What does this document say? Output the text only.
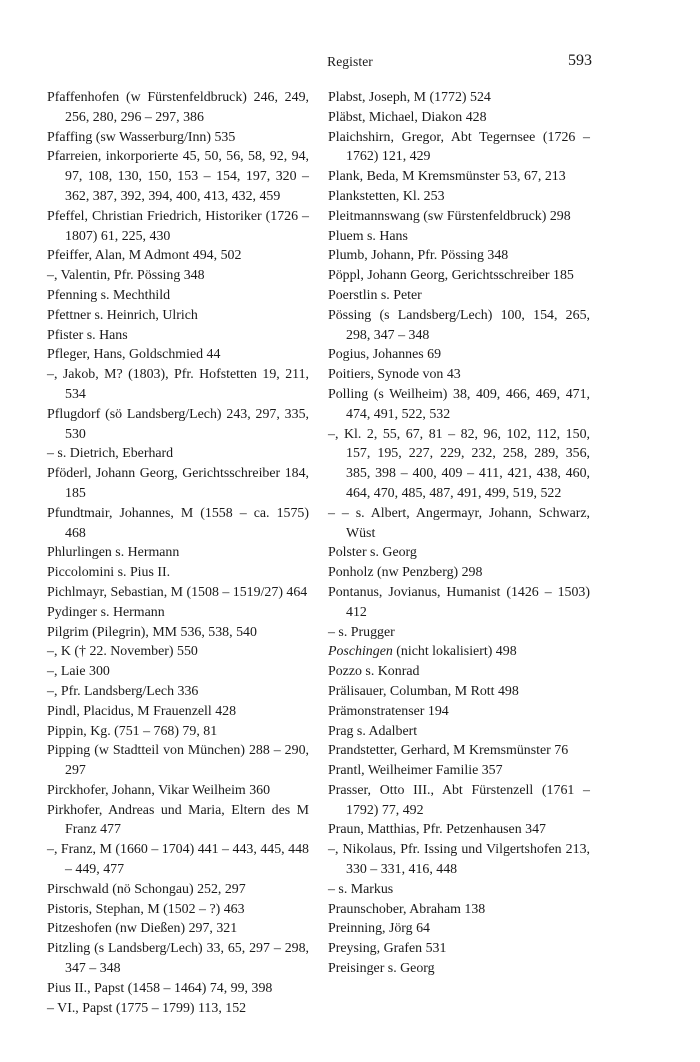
Register	593
Pfaffenhofen (w Fürstenfeldbruck) 246, 249, 256, 280, 296 – 297, 386
Pfaffing (sw Wasserburg/Inn) 535
Pfarreien, inkorporierte 45, 50, 56, 58, 92, 94, 97, 108, 130, 150, 153 – 154, 197, 320 – 362, 387, 392, 394, 400, 413, 432, 459
Pfeffel, Christian Friedrich, Historiker (1726 – 1807) 61, 225, 430
Pfeiffer, Alan, M Admont 494, 502
–, Valentin, Pfr. Pössing 348
Pfenning s. Mechthild
Pfettner s. Heinrich, Ulrich
Pfister s. Hans
Pfleger, Hans, Goldschmied 44
–, Jakob, M? (1803), Pfr. Hofstetten 19, 211, 534
Pflugdorf (sö Landsberg/Lech) 243, 297, 335, 530
– s. Dietrich, Eberhard
Pföderl, Johann Georg, Gerichtsschreiber 184, 185
Pfundtmair, Johannes, M (1558 – ca. 1575) 468
Phlurlingen s. Hermann
Piccolomini s. Pius II.
Pichlmayr, Sebastian, M (1508 – 1519/27) 464
Pydinger s. Hermann
Pilgrim (Pilegrin), MM 536, 538, 540
–, K († 22. November) 550
–, Laie 300
–, Pfr. Landsberg/Lech 336
Pindl, Placidus, M Frauenzell 428
Pippin, Kg. (751 – 768) 79, 81
Pipping (w Stadtteil von München) 288 – 290, 297
Pirckhofer, Johann, Vikar Weilheim 360
Pirkhofer, Andreas und Maria, Eltern des M Franz 477
–, Franz, M (1660 – 1704) 441 – 443, 445, 448 – 449, 477
Pirschwald (nö Schongau) 252, 297
Pistoris, Stephan, M (1502 – ?) 463
Pitzeshofen (nw Dießen) 297, 321
Pitzling (s Landsberg/Lech) 33, 65, 297 – 298, 347 – 348
Pius II., Papst (1458 – 1464) 74, 99, 398
– VI., Papst (1775 – 1799) 113, 152
Plabst, Joseph, M (1772) 524
Pläbst, Michael, Diakon 428
Plaichshirn, Gregor, Abt Tegernsee (1726 – 1762) 121, 429
Plank, Beda, M Kremsmünster 53, 67, 213
Plankstetten, Kl. 253
Pleitmannswang (sw Fürstenfeldbruck) 298
Pluem s. Hans
Plumb, Johann, Pfr. Pössing 348
Pöppl, Johann Georg, Gerichtsschreiber 185
Poerstlin s. Peter
Pössing (s Landsberg/Lech) 100, 154, 265, 298, 347 – 348
Pogius, Johannes 69
Poitiers, Synode von 43
Polling (s Weilheim) 38, 409, 466, 469, 471, 474, 491, 522, 532
–, Kl. 2, 55, 67, 81 – 82, 96, 102, 112, 150, 157, 195, 227, 229, 232, 258, 289, 356, 385, 398 – 400, 409 – 411, 421, 438, 460, 464, 470, 485, 487, 491, 499, 519, 522
– – s. Albert, Angermayr, Johann, Schwarz, Wüst
Polster s. Georg
Ponholz (nw Penzberg) 298
Pontanus, Jovianus, Humanist (1426 – 1503) 412
– s. Prugger
Poschingen (nicht lokalisiert) 498
Pozzo s. Konrad
Prälisauer, Columban, M Rott 498
Prämonstratenser 194
Prag s. Adalbert
Prandstetter, Gerhard, M Kremsmünster 76
Prantl, Weilheimer Familie 357
Prasser, Otto III., Abt Fürstenzell (1761 – 1792) 77, 492
Praun, Matthias, Pfr. Petzenhausen 347
–, Nikolaus, Pfr. Issing und Vilgertshofen 213, 330 – 331, 416, 448
– s. Markus
Praunschober, Abraham 138
Preinning, Jörg 64
Preysing, Grafen 531
Preisinger s. Georg
